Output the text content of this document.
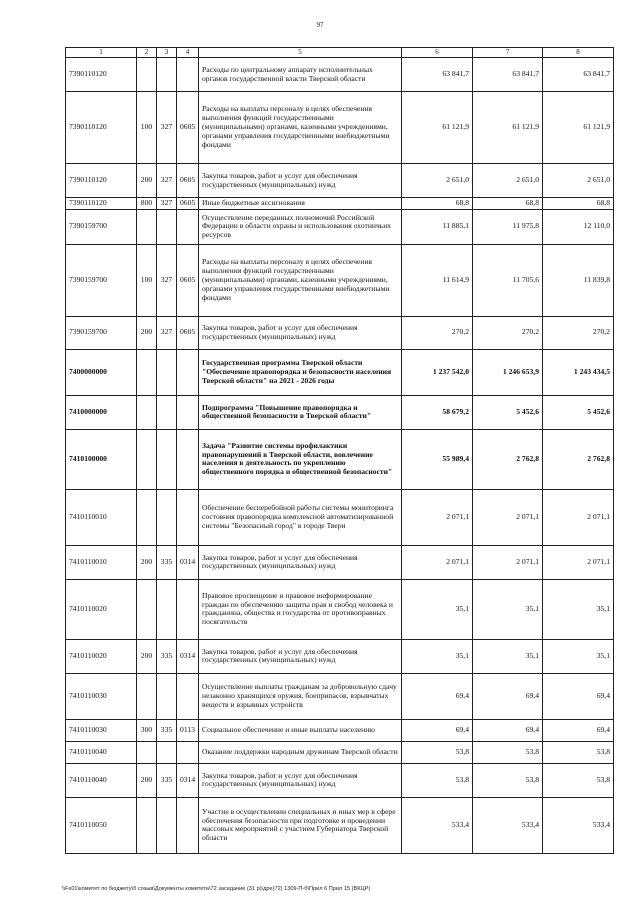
97
1	2	3	4	5	6	7	8
7390110120				Расходы по центральному аппарату исполнительных органов государственной власти Тверской области	63 841,7	63 841,7	63 841,7
7390110120	100	327	0605	Расходы на выплаты персоналу в целях обеспечения выполнения функций государственными (муниципальными) органами, казенными учреждениями, органами управления государственными внебюджетными фондами	61 121,9	61 121,9	61 121,9
7390110120	200	327	0605	Закупка товаров, работ и услуг для обеспечения государственных (муниципальных) нужд	2 651,0	2 651,0	2 651,0
7390110120	800	327	0605	Иные бюджетные ассигнования	68,8	68,8	68,8
7390159700				Осуществление переданных полномочий Российской Федерации в области охраны и использования охотничьих ресурсов	11 885,1	11 975,8	12 110,0
7390159700	100	327	0605	Расходы на выплаты персоналу в целях обеспечения выполнения функций государственными (муниципальными) органами, казенными учреждениями, органами управления государственными внебюджетными фондами	11 614,9	11 705,6	11 839,8
7390159700	200	327	0605	Закупка товаров, работ и услуг для обеспечения государственных (муниципальных) нужд	270,2	270,2	270,2
7400000000				Государственная программа Тверской области "Обеспечение правопорядка и безопасности населения Тверской области" на 2021 - 2026 годы	1 237 542,0	1 246 653,9	1 243 434,5
7410000000				Подпрограмма "Повышение правопорядка и общественной безопасности в Тверской области"	58 679,2	5 452,6	5 452,6
7410100000				Задача "Развитие системы профилактики правонарушений в Тверской области, вовлечение населения в деятельность по укреплению общественного порядка и общественной безопасности"	55 989,4	2 762,8	2 762,8
7410110010				Обеспечение бесперебойной работы системы мониторинга состояния правопорядка комплексной автоматизированной системы "Безопасный город" в городе Твери	2 071,1	2 071,1	2 071,1
7410110010	200	335	0314	Закупка товаров, работ и услуг для обеспечения государственных (муниципальных) нужд	2 071,1	2 071,1	2 071,1
7410110020				Правовое просвещение и правовое информирование граждан по обеспечению защиты прав и свобод человека и гражданина, общества и государства от противоправных посягательств	35,1	35,1	35,1
7410110020	200	335	0314	Закупка товаров, работ и услуг для обеспечения государственных (муниципальных) нужд	35,1	35,1	35,1
7410110030				Осуществление выплаты гражданам за добровольную сдачу незаконно хранящихся оружия, боеприпасов, взрывчатых веществ и взрывных устройств	69,4	69,4	69,4
7410110030	300	335	0113	Социальное обеспечение и иные выплаты населению	69,4	69,4	69,4
7410110040				Оказание поддержки народным дружинам Тверской области	53,8	53,8	53,8
7410110040	200	335	0314	Закупка товаров, работ и услуг для обеспечения государственных (муниципальных) нужд	53,8	53,8	53,8
7410110050				Участие в осуществлении специальных и иных мер в сфере обеспечения безопасности при подготовке и проведении массовых мероприятий с участием Губернатора Тверской области	533,4	533,4	533,4
\\Fs01\комитет по бюджету\б созыв\Документы комитета\72 заседание (31 р)\дре(72) 1309-П-б\Прил 6 Прил 15 (ВКЦР)
